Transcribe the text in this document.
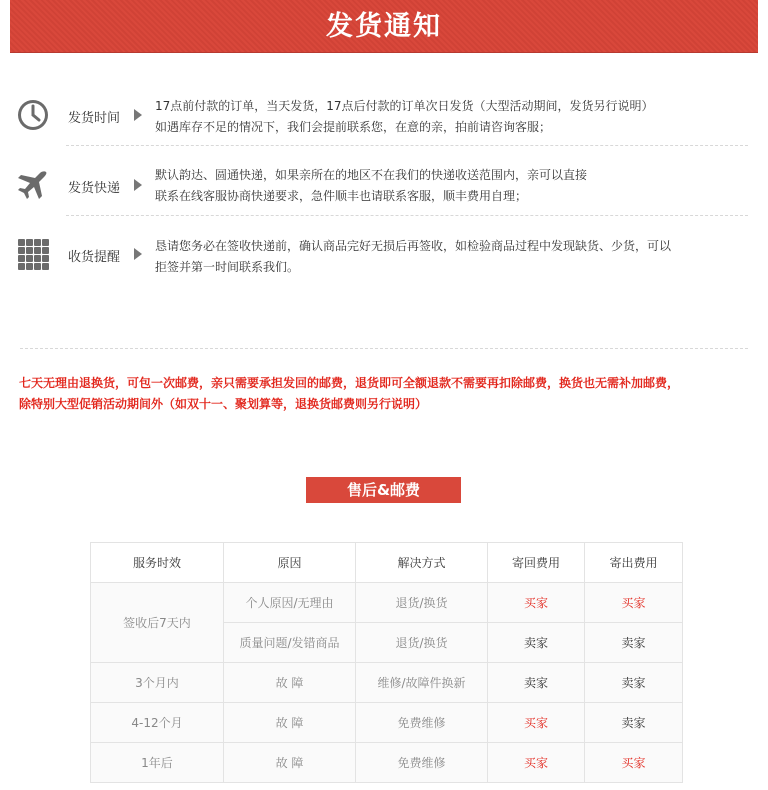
发货通知
发货时间
17点前付款的订单，当天发货，17点后付款的订单次日发货（大型活动期间，发货另行说明）
如遇库存不足的情况下，我们会提前联系您，在意的亲，拍前请咨询客服；
发货快递
默认韵达、圆通快递，如果亲所在的地区不在我们的快递收送范围内，亲可以直接
联系在线客服协商快递要求，急件顺丰也请联系客服，顺丰费用自理；
收货提醒
恳请您务必在签收快递前，确认商品完好无损后再签收，如检验商品过程中发现缺货、少货，可以
拒签并第一时间联系我们。
七天无理由退换货，可包一次邮费，亲只需要承担发回的邮费，退货即可全额退款不需要再扣除邮费，换货也无需补加邮费，
除特别大型促销活动期间外（如双十一、聚划算等，退换货邮费则另行说明）
售后&邮费
服务时效	原因	解决方式	寄回费用	寄出费用
签收后7天内	个人原因/无理由	退货/换货	买家	买家
	质量问题/发错商品	退货/换货	卖家	卖家
3个月内	故 障	维修/故障件换新	卖家	卖家
4-12个月	故 障	免费维修	买家	卖家
1年后	故 障	免费维修	买家	买家
